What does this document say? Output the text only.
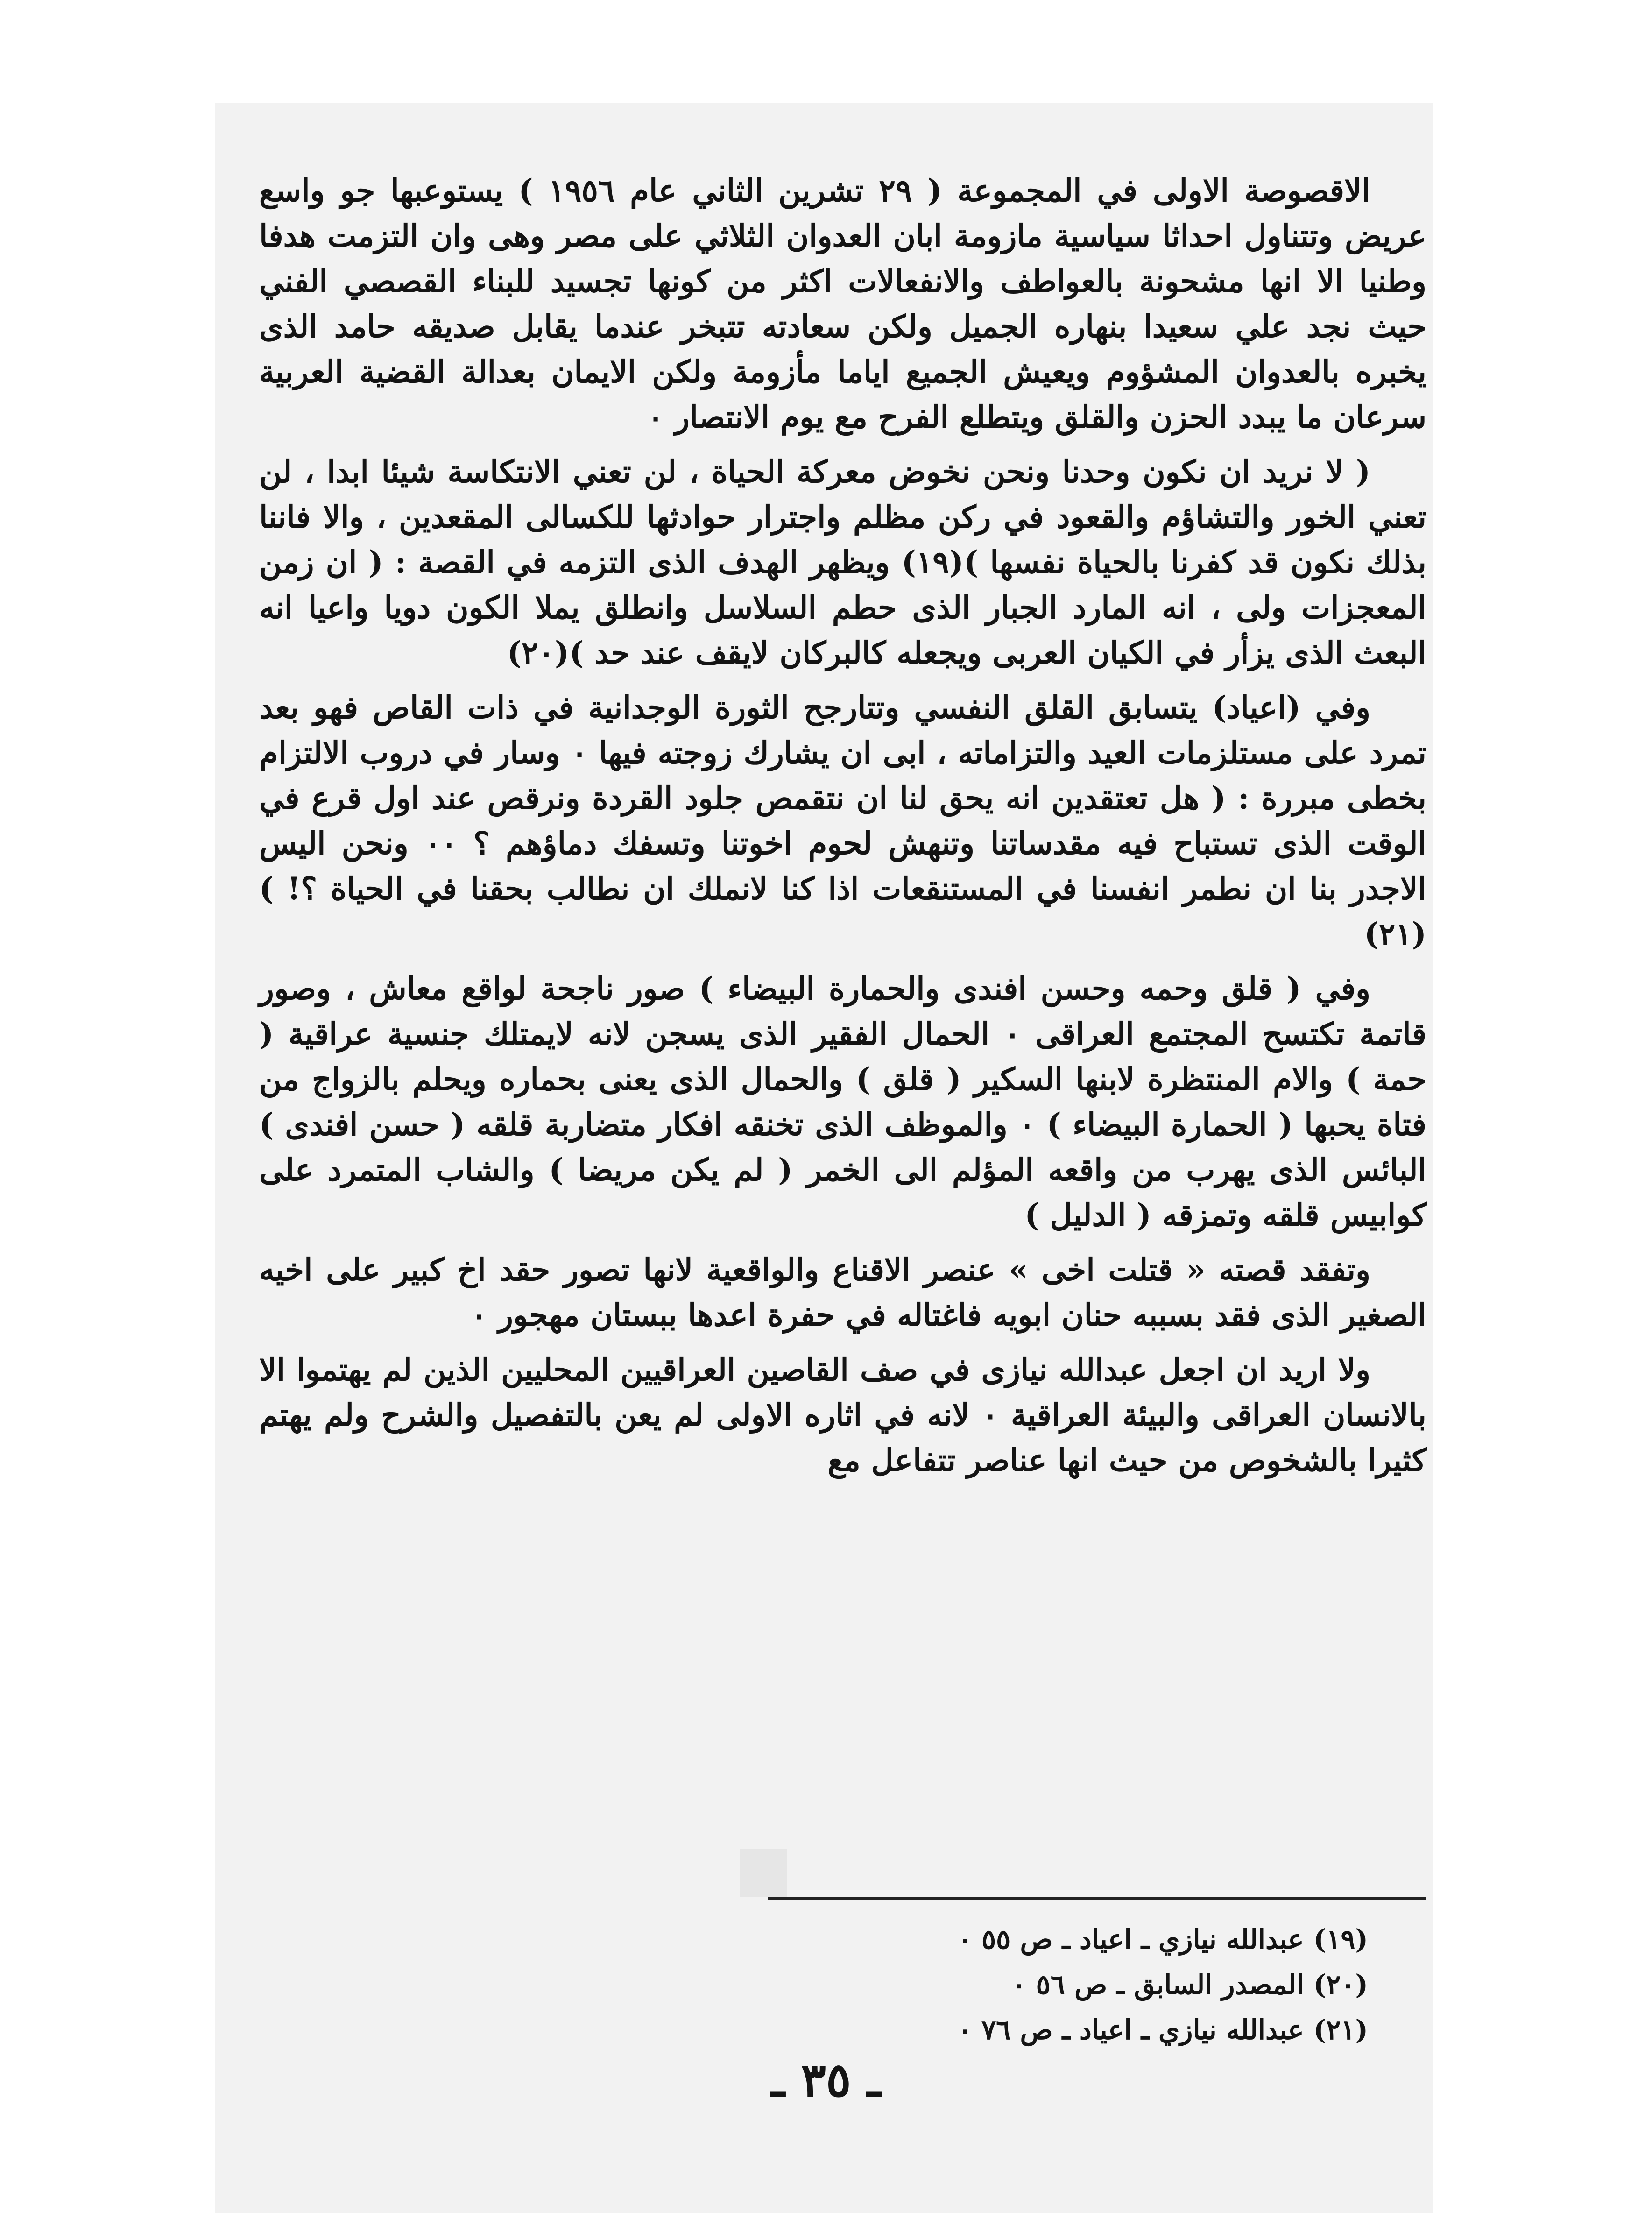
الاقصوصة الاولى في المجموعة ( ٢٩ تشرين الثاني عام ١٩٥٦ ) يستوعبها جو واسع عريض وتتناول احداثا سياسية مازومة ابان العدوان الثلاثي على مصر وهى وان التزمت هدفا وطنيا الا انها مشحونة بالعواطف والانفعالات اكثر من كونها تجسيد للبناء القصصي الفني حيث نجد علي سعيدا بنهاره الجميل ولكن سعادته تتبخر عندما يقابل صديقه حامد الذى يخبره بالعدوان المشؤوم ويعيش الجميع اياما مأزومة ولكن الايمان بعدالة القضية العربية سرعان ما يبدد الحزن والقلق ويتطلع الفرح مع يوم الانتصار ٠

( لا نريد ان نكون وحدنا ونحن نخوض معركة الحياة ، لن تعني الانتكاسة شيئا ابدا ، لن تعني الخور والتشاؤم والقعود في ركن مظلم واجترار حوادثها للكسالى المقعدين ، والا فاننا بذلك نكون قد كفرنا بالحياة نفسها )(١٩) ويظهر الهدف الذى التزمه في القصة : ( ان زمن المعجزات ولى ، انه المارد الجبار الذى حطم السلاسل وانطلق يملا الكون دويا واعيا انه البعث الذى يزأر في الكيان العربى ويجعله كالبركان لايقف عند حد )(٢٠)

وفي (اعياد) يتسابق القلق النفسي وتتارجح الثورة الوجدانية في ذات القاص فهو بعد تمرد على مستلزمات العيد والتزاماته ، ابى ان يشارك زوجته فيها ٠ وسار في دروب الالتزام بخطى مبررة : ( هل تعتقدين انه يحق لنا ان نتقمص جلود القردة ونرقص عند اول قرع في الوقت الذى تستباح فيه مقدساتنا وتنهش لحوم اخوتنا وتسفك دماؤهم ؟ ٠٠ ونحن اليس الاجدر بنا ان نطمر انفسنا في المستنقعات اذا كنا لانملك ان نطالب بحقنا في الحياة ؟! )(٢١)

وفي ( قلق وحمه وحسن افندى والحمارة البيضاء ) صور ناجحة لواقع معاش ، وصور قاتمة تكتسح المجتمع العراقى ٠ الحمال الفقير الذى يسجن لانه لايمتلك جنسية عراقية ( حمة ) والام المنتظرة لابنها السكير ( قلق ) والحمال الذى يعنى بحماره ويحلم بالزواج من فتاة يحبها ( الحمارة البيضاء ) ٠ والموظف الذى تخنقه افكار متضاربة قلقه ( حسن افندى ) البائس الذى يهرب من واقعه المؤلم الى الخمر ( لم يكن مريضا ) والشاب المتمرد على كوابيس قلقه وتمزقه ( الدليل )

وتفقد قصته « قتلت اخى » عنصر الاقناع والواقعية لانها تصور حقد اخ كبير على اخيه الصغير الذى فقد بسببه حنان ابويه فاغتاله في حفرة اعدها ببستان مهجور ٠

ولا اريد ان اجعل عبدالله نيازى في صف القاصين العراقيين المحليين الذين لم يهتموا الا بالانسان العراقى والبيئة العراقية ٠ لانه في اثاره الاولى لم يعن بالتفصيل والشرح ولم يهتم كثيرا بالشخوص من حيث انها عناصر تتفاعل مع

(١٩) عبدالله نيازي ـ اعياد ـ ص ٥٥ ٠

(٢٠) المصدر السابق ـ ص ٥٦ ٠

(٢١) عبدالله نيازي ـ اعياد ـ ص ٧٦ ٠

ـ ٣٥ ـ
